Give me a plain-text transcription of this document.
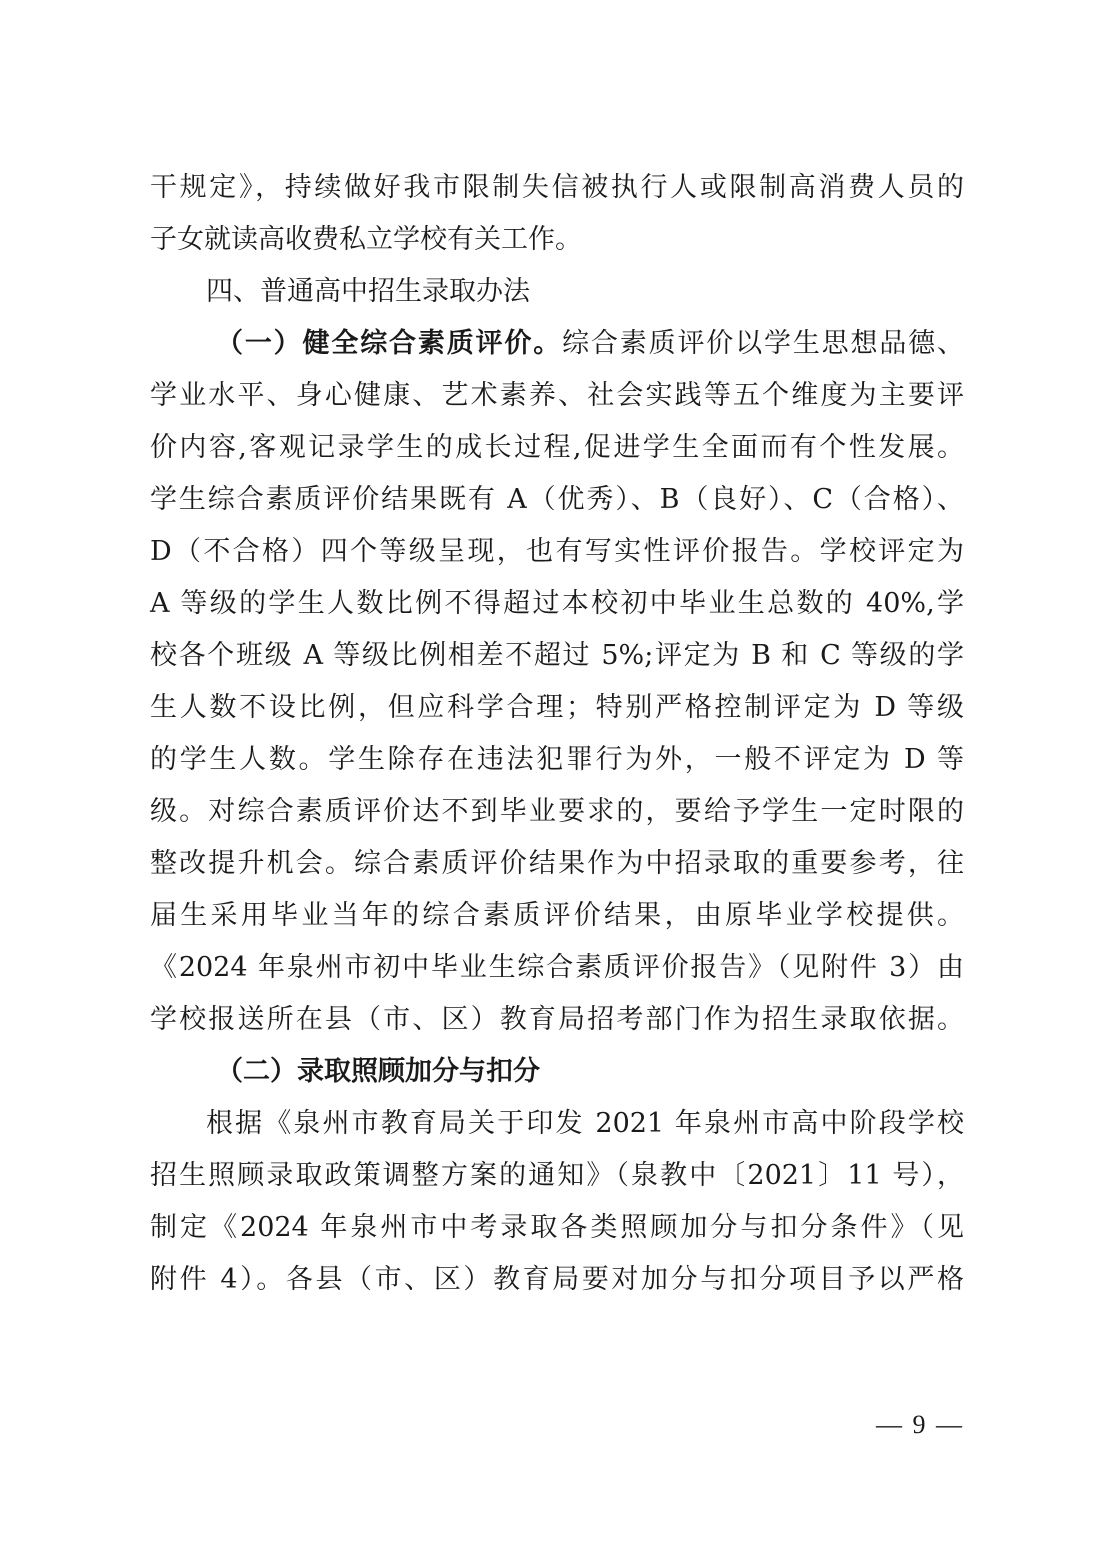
干规定》，持续做好我市限制失信被执行人或限制高消费人员的
子女就读高收费私立学校有关工作。
四、普通高中招生录取办法
（一）健全综合素质评价。综合素质评价以学生思想品德、
学业水平、身心健康、艺术素养、社会实践等五个维度为主要评
价内容,客观记录学生的成长过程,促进学生全面而有个性发展。
学生综合素质评价结果既有 A（优秀）、B（良好）、C（合格）、
D（不合格）四个等级呈现，也有写实性评价报告。学校评定为
A 等级的学生人数比例不得超过本校初中毕业生总数的 40%,学
校各个班级 A 等级比例相差不超过 5%;评定为 B 和 C 等级的学
生人数不设比例，但应科学合理；特别严格控制评定为 D 等级
的学生人数。学生除存在违法犯罪行为外，一般不评定为 D 等
级。对综合素质评价达不到毕业要求的，要给予学生一定时限的
整改提升机会。综合素质评价结果作为中招录取的重要参考，往
届生采用毕业当年的综合素质评价结果，由原毕业学校提供。
《2024 年泉州市初中毕业生综合素质评价报告》（见附件 3）由
学校报送所在县（市、区）教育局招考部门作为招生录取依据。
（二）录取照顾加分与扣分
根据《泉州市教育局关于印发 2021 年泉州市高中阶段学校
招生照顾录取政策调整方案的通知》（泉教中〔2021〕11 号），
制定《2024 年泉州市中考录取各类照顾加分与扣分条件》（见
附件 4）。各县（市、区）教育局要对加分与扣分项目予以严格
— 9 —
